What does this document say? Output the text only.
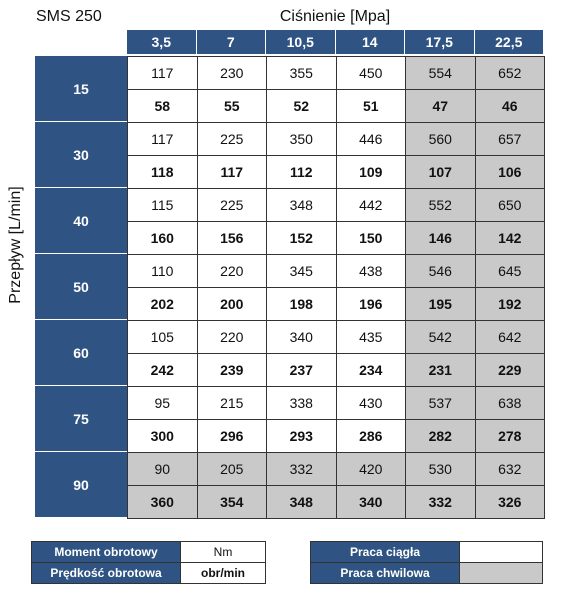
SMS 250	Ciśnienie [Mpa]
Przepływ [L/min]
3,5	7	10,5	14	17,5	22,5
15
117	230	355	450	554	652
58	55	52	51	47	46
30
117	225	350	446	560	657
118	117	112	109	107	106
40
115	225	348	442	552	650
160	156	152	150	146	142
50
110	220	345	438	546	645
202	200	198	196	195	192
60
105	220	340	435	542	642
242	239	237	234	231	229
75
95	215	338	430	537	638
300	296	293	286	282	278
90
90	205	332	420	530	632
360	354	348	340	332	326
Moment obrotowy	Nm
Prędkość obrotowa	obr/min
Praca ciągła
Praca chwilowa
